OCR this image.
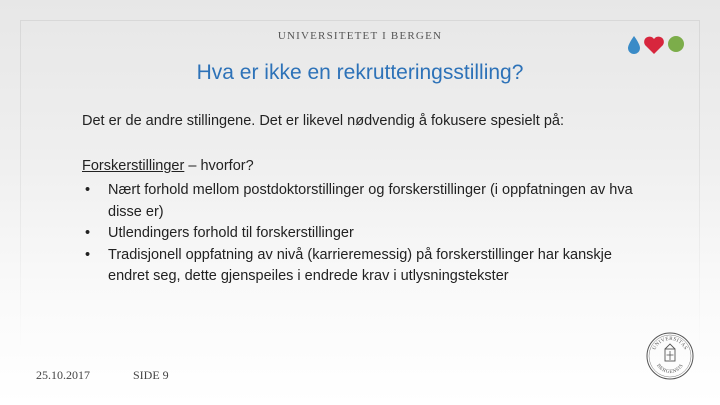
UNIVERSITETET I BERGEN
Hva er ikke en rekrutteringsstilling?
Det er de andre stillingene. Det er likevel nødvendig å fokusere spesielt på:
Forskerstillinger – hvorfor?
•	Nært forhold mellom postdoktorstillinger og forskerstillinger (i oppfatningen av hva disse er)
•	Utlendingers forhold til forskerstillinger
•	Tradisjonell oppfatning av nivå (karrieremessig) på forskerstillinger har kanskje endret seg, dette gjenspeiles i endrede krav i utlysningstekster
25.10.2017	SIDE 9
UNIVERSITAS
BERGENSIS
